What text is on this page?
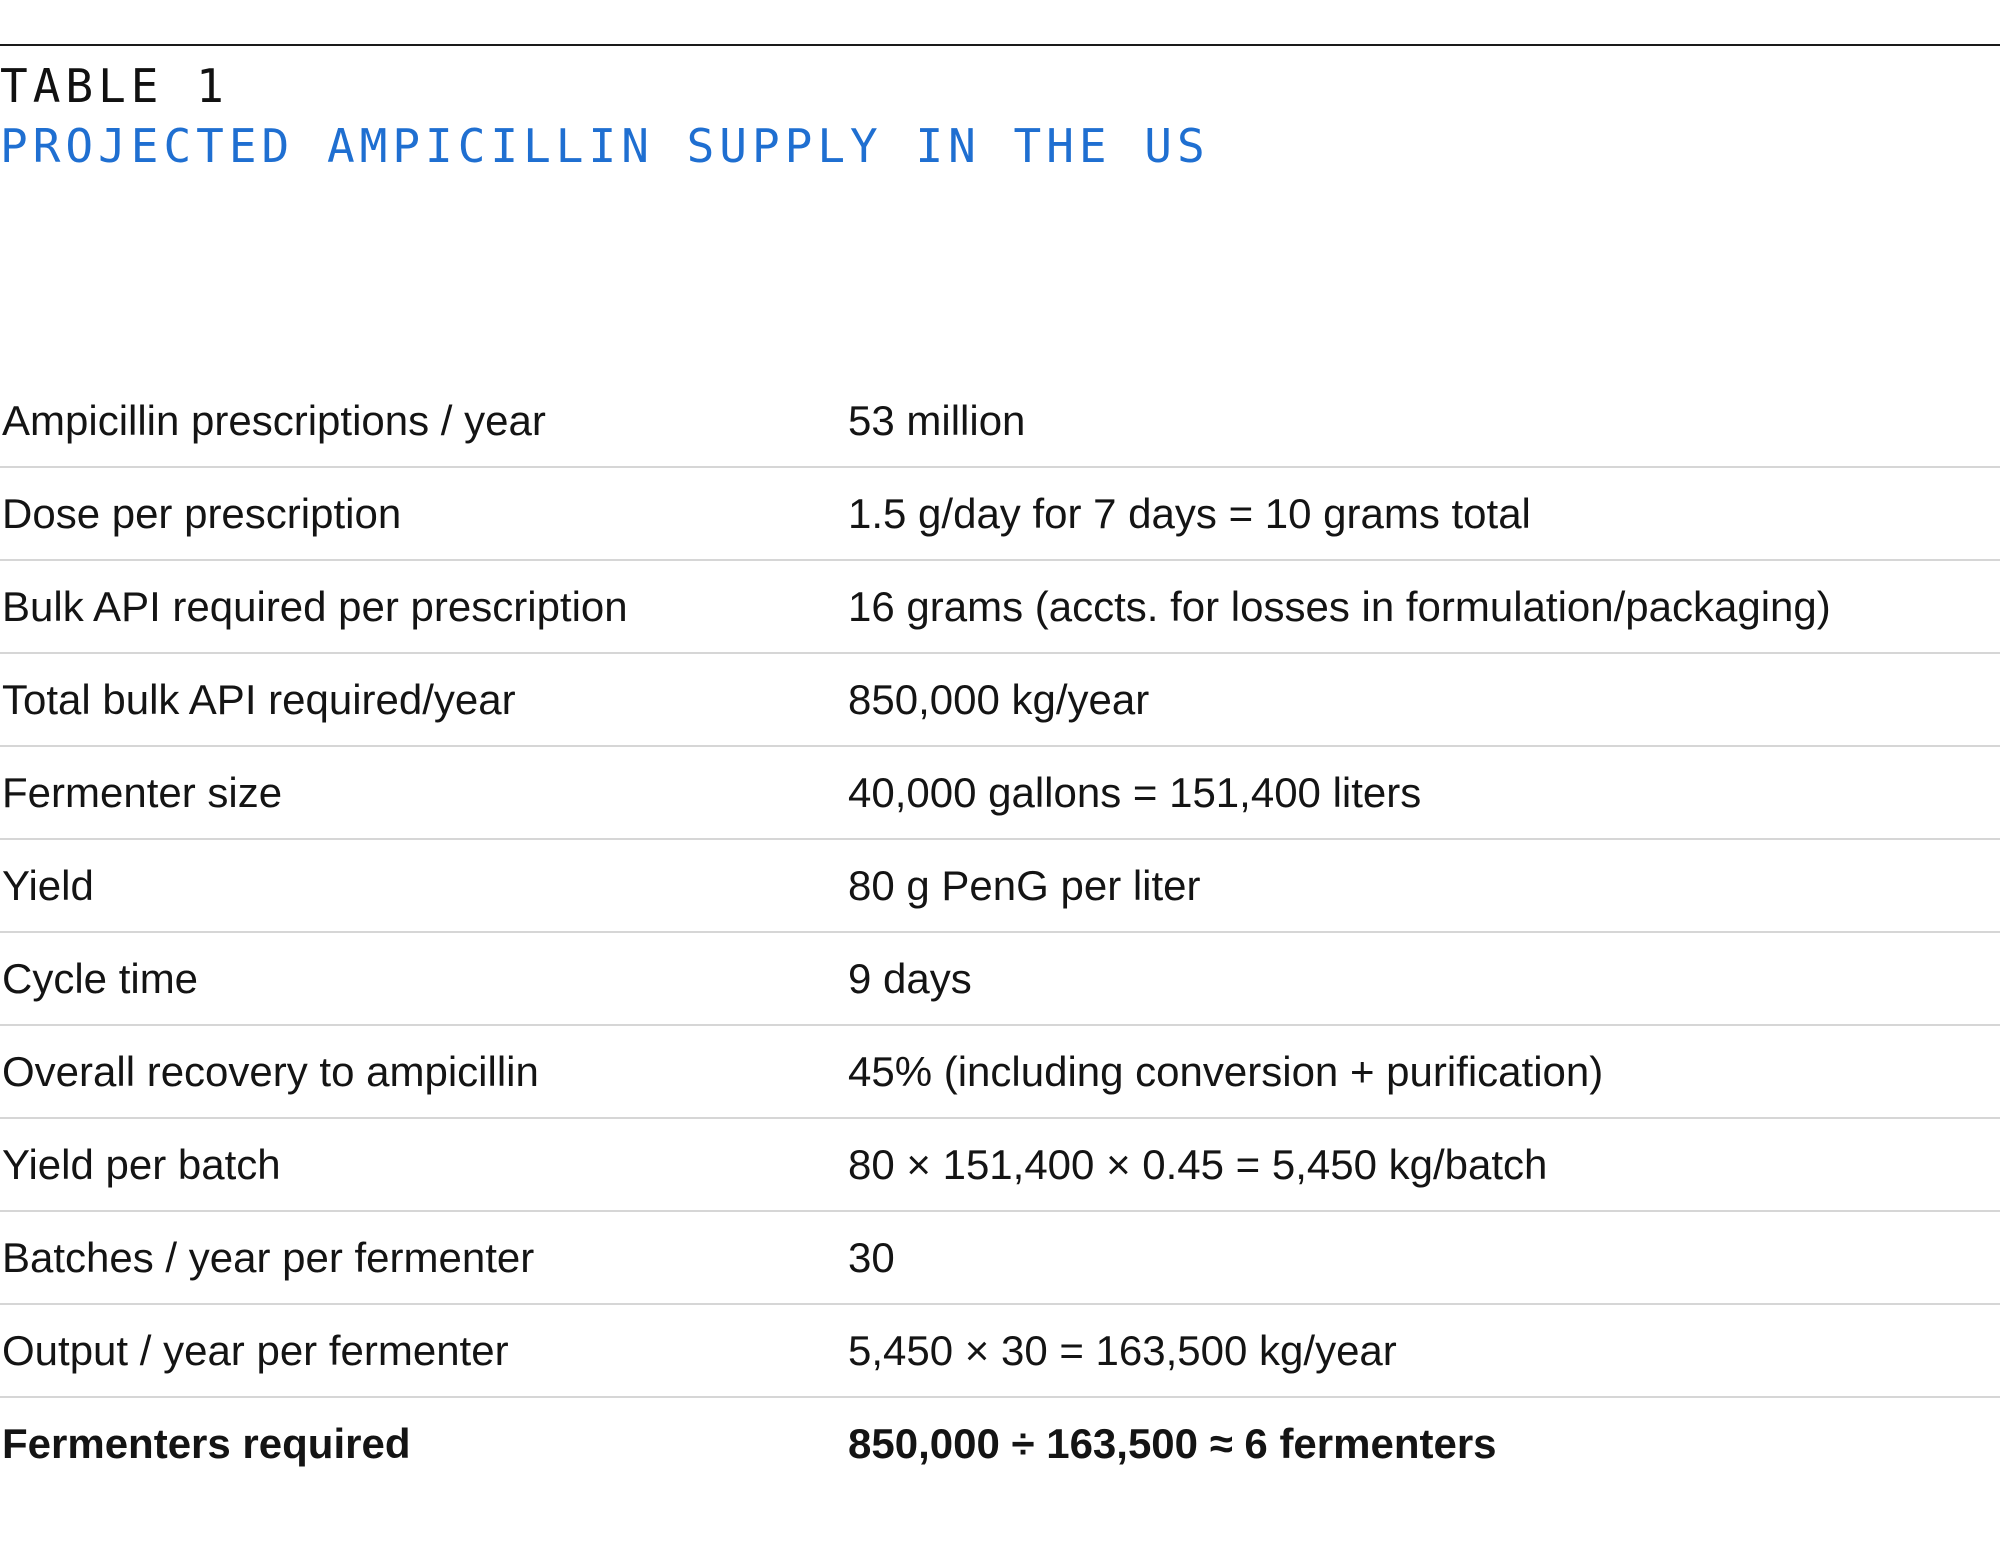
TABLE 1
PROJECTED AMPICILLIN SUPPLY IN THE US
Ampicillin prescriptions / year	53 million
Dose per prescription	1.5 g/day for 7 days = 10 grams total
Bulk API required per prescription	16 grams (accts. for losses in formulation/packaging)
Total bulk API required/year	850,000 kg/year
Fermenter size	40,000 gallons = 151,400 liters
Yield	80 g PenG per liter
Cycle time	9 days
Overall recovery to ampicillin	45% (including conversion + purification)
Yield per batch	80 × 151,400 × 0.45 = 5,450 kg/batch
Batches / year per fermenter	30
Output / year per fermenter	5,450 × 30 = 163,500 kg/year
Fermenters required	850,000 ÷ 163,500 ≈ 6 fermenters
